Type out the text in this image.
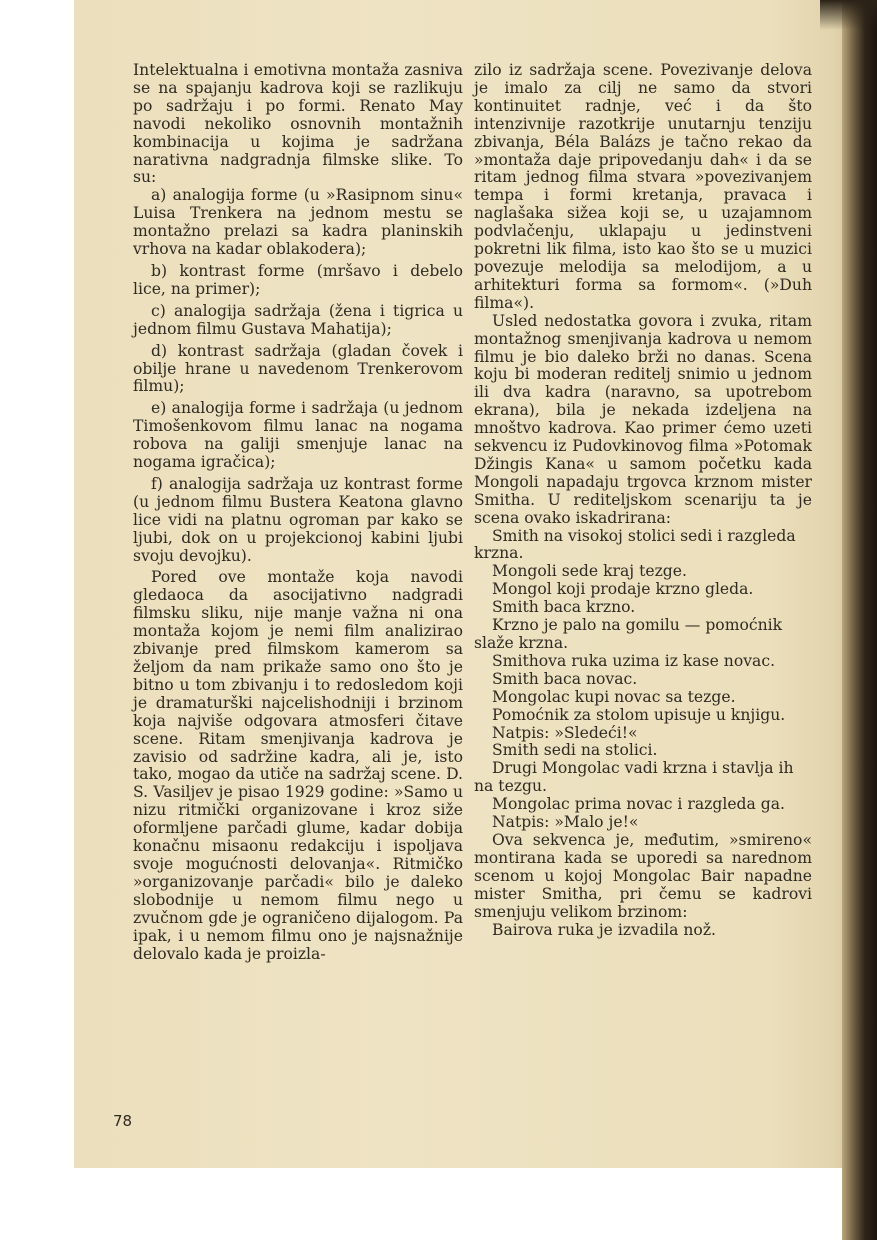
Intelektualna i emotivna montaža zasniva se na spajanju kadrova koji se razlikuju po sadržaju i po formi. Renato May navodi nekoliko osnovnih montažnih kombinacija u kojima je sadržana narativna nadgradnja filmske slike. To su:

a) analogija forme (u »Rasipnom sinu« Luisa Trenkera na jednom mestu se montažno prelazi sa kadra planinskih vrhova na kadar oblakodera);

b) kontrast forme (mršavo i debelo lice, na primer);

c) analogija sadržaja (žena i tigrica u jednom filmu Gustava Mahatija);

d) kontrast sadržaja (gladan čovek i obilje hrane u navedenom Trenkerovom filmu);

e) analogija forme i sadržaja (u jednom Timošenkovom filmu lanac na nogama robova na galiji smenjuje lanac na nogama igračica);

f) analogija sadržaja uz kontrast forme (u jednom filmu Bustera Keatona glavno lice vidi na platnu ogroman par kako se ljubi, dok on u projekcionoj kabini ljubi svoju devojku).

Pored ove montaže koja navodi gledaoca da asocijativno nadgradi filmsku sliku, nije manje važna ni ona montaža kojom je nemi film analizirao zbivanje pred filmskom kamerom sa željom da nam prikaže samo ono što je bitno u tom zbivanju i to redosledom koji je dramaturški najcelishodniji i brzinom koja najviše odgovara atmosferi čitave scene. Ritam smenjivanja kadrova je zavisio od sadržine kadra, ali je, isto tako, mogao da utiče na sadržaj scene. D. S. Vasiljev je pisao 1929 godine: »Samo u nizu ritmički organizovane i kroz siže oformljene parčadi glume, kadar dobija konačnu misaonu redakciju i ispoljava svoje mogućnosti delovanja«. Ritmičko »organizovanje parčadi« bilo je daleko slobodnije u nemom filmu nego u zvučnom gde je ograničeno dijalogom. Pa ipak, i u nemom filmu ono je najsnažnije delovalo kada je proizla-

zilo iz sadržaja scene. Povezivanje delova je imalo za cilj ne samo da stvori kontinuitet radnje, već i da što intenzivnije razotkrije unutarnju tenziju zbivanja, Béla Balázs je tačno rekao da »montaža daje pripovedanju dah« i da se ritam jednog filma stvara »povezivanjem tempa i formi kretanja, pravaca i naglašaka sižea koji se, u uzajamnom podvlačenju, uklapaju u jedinstveni pokretni lik filma, isto kao što se u muzici povezuje melodija sa melodijom, a u arhitekturi forma sa formom«. (»Duh filma«).

Usled nedostatka govora i zvuka, ritam montažnog smenjivanja kadrova u nemom filmu je bio daleko brži no danas. Scena koju bi moderan reditelj snimio u jednom ili dva kadra (naravno, sa upotrebom ekrana), bila je nekada izdeljena na mnoštvo kadrova. Kao primer ćemo uzeti sekvencu iz Pudovkinovog filma »Potomak Džingis Kana« u samom početku kada Mongoli napadaju trgovca krznom mister Smitha. U rediteljskom scenariju ta je scena ovako iskadrirana:

Smith na visokoj stolici sedi i razgleda krzna.

Mongoli sede kraj tezge.

Mongol koji prodaje krzno gleda.

Smith baca krzno.

Krzno je palo na gomilu — pomoćnik slaže krzna.

Smithova ruka uzima iz kase novac.

Smith baca novac.

Mongolac kupi novac sa tezge.

Pomoćnik za stolom upisuje u knjigu.

Natpis: »Sledeći!«

Smith sedi na stolici.

Drugi Mongolac vadi krzna i stavlja ih na tezgu.

Mongolac prima novac i razgleda ga.

Natpis: »Malo je!«

Ova sekvenca je, međutim, »smireno« montirana kada se uporedi sa narednom scenom u kojoj Mongolac Bair napadne mister Smitha, pri čemu se kadrovi smenjuju velikom brzinom:

Bairova ruka je izvadila nož.

78
